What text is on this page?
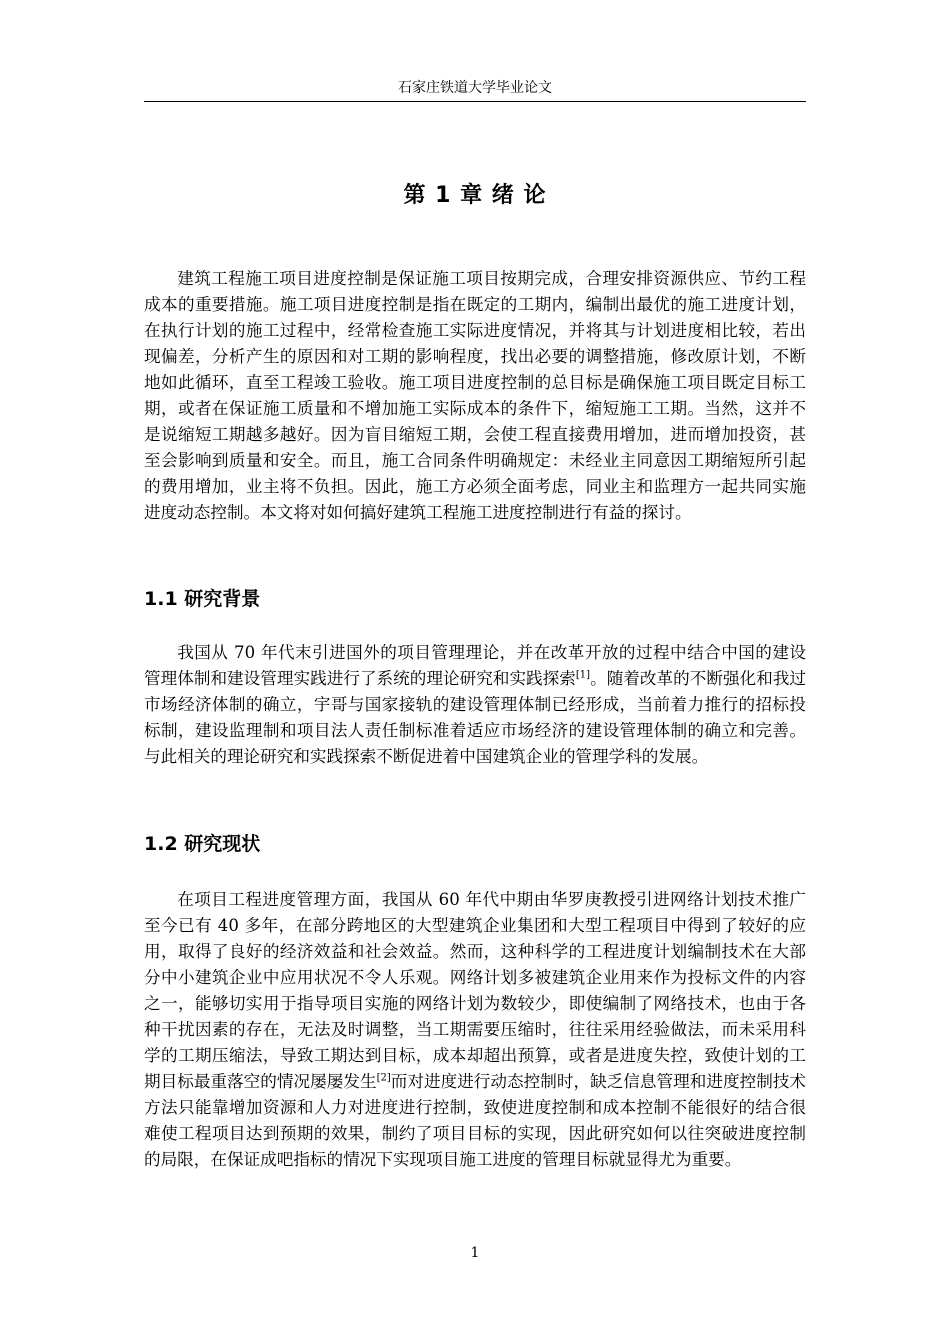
石家庄铁道大学毕业论文
第 1 章 绪 论

建筑工程施工项目进度控制是保证施工项目按期完成，合理安排资源供应、节约工程成本的重要措施。施工项目进度控制是指在既定的工期内，编制出最优的施工进度计划，在执行计划的施工过程中，经常检查施工实际进度情况，并将其与计划进度相比较，若出现偏差，分析产生的原因和对工期的影响程度，找出必要的调整措施，修改原计划，不断地如此循环，直至工程竣工验收。施工项目进度控制的总目标是确保施工项目既定目标工期，或者在保证施工质量和不增加施工实际成本的条件下，缩短施工工期。当然，这并不是说缩短工期越多越好。因为盲目缩短工期，会使工程直接费用增加，进而增加投资，甚至会影响到质量和安全。而且，施工合同条件明确规定：未经业主同意因工期缩短所引起的费用增加，业主将不负担。因此，施工方必须全面考虑，同业主和监理方一起共同实施进度动态控制。本文将对如何搞好建筑工程施工进度控制进行有益的探讨。

1.1 研究背景

我国从 70 年代末引进国外的项目管理理论，并在改革开放的过程中结合中国的建设管理体制和建设管理实践进行了系统的理论研究和实践探索[1]。随着改革的不断强化和我过市场经济体制的确立，宇哥与国家接轨的建设管理体制已经形成，当前着力推行的招标投标制，建设监理制和项目法人责任制标准着适应市场经济的建设管理体制的确立和完善。与此相关的理论研究和实践探索不断促进着中国建筑企业的管理学科的发展。

1.2 研究现状

在项目工程进度管理方面，我国从 60 年代中期由华罗庚教授引进网络计划技术推广至今已有 40 多年，在部分跨地区的大型建筑企业集团和大型工程项目中得到了较好的应用，取得了良好的经济效益和社会效益。然而，这种科学的工程进度计划编制技术在大部分中小建筑企业中应用状况不令人乐观。网络计划多被建筑企业用来作为投标文件的内容之一，能够切实用于指导项目实施的网络计划为数较少，即使编制了网络技术，也由于各种干扰因素的存在，无法及时调整，当工期需要压缩时，往往采用经验做法，而未采用科学的工期压缩法，导致工期达到目标，成本却超出预算，或者是进度失控，致使计划的工期目标最重落空的情况屡屡发生[2]而对进度进行动态控制时，缺乏信息管理和进度控制技术方法只能靠增加资源和人力对进度进行控制，致使进度控制和成本控制不能很好的结合很难使工程项目达到预期的效果，制约了项目目标的实现，因此研究如何以往突破进度控制的局限，在保证成吧指标的情况下实现项目施工进度的管理目标就显得尤为重要。

1
